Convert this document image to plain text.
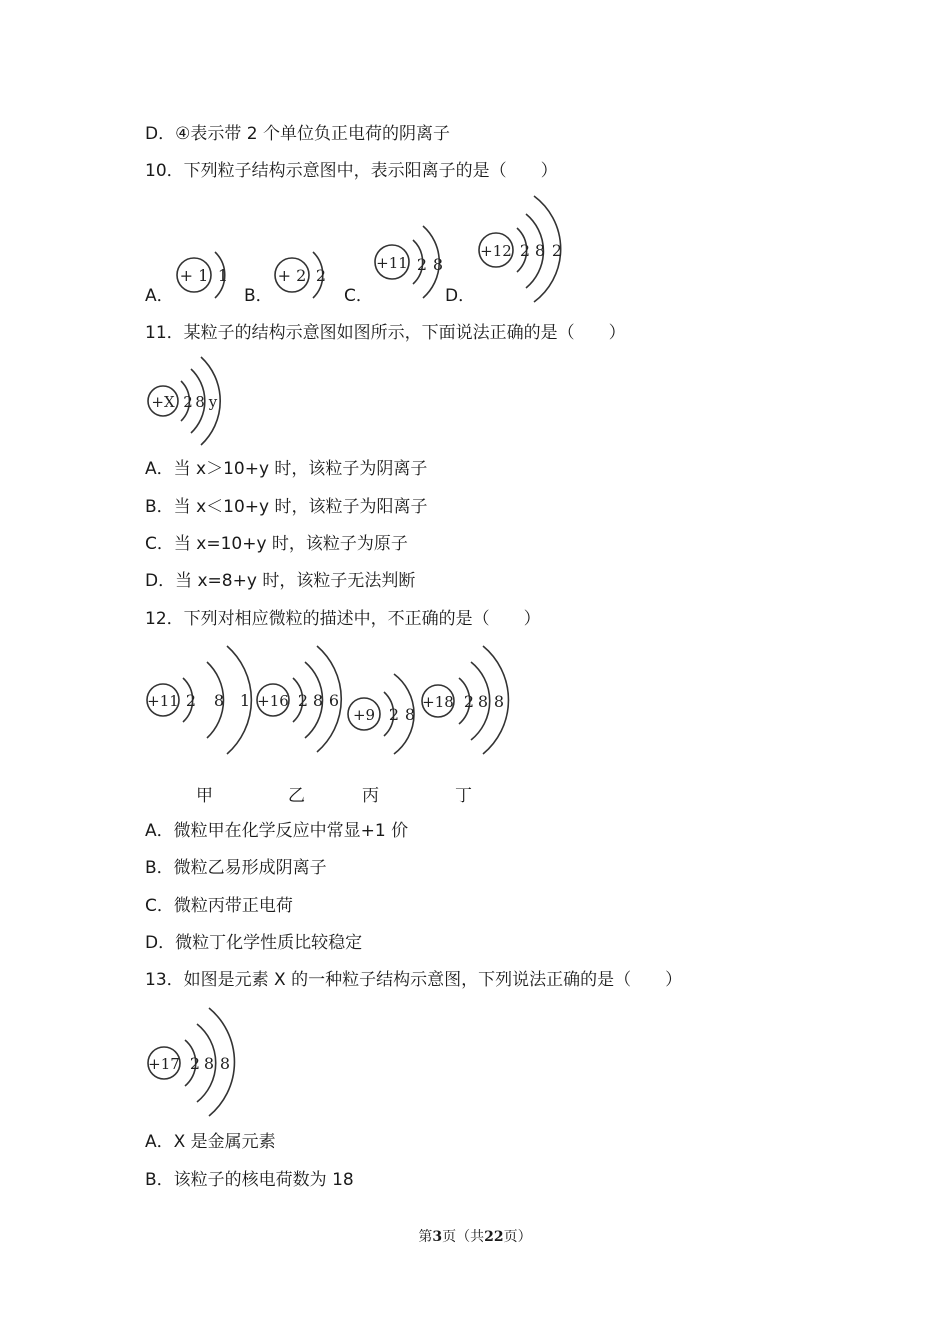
D．④表示带 2 个单位负正电荷的阴离子
10．下列粒子结构示意图中，表示阳离子的是（　　）
A．
+ 1 1
B．
+ 2 2
C．
+11 2 8
D．
+12 2 8 2
11．某粒子的结构示意图如图所示，下面说法正确的是（　　）
+X 2 8 y
A．当 x＞10+y 时，该粒子为阴离子
B．当 x＜10+y 时，该粒子为阳离子
C．当 x=10+y 时，该粒子为原子
D．当 x=8+y 时，该粒子无法判断
12．下列对相应微粒的描述中，不正确的是（　　）
+11 2 8 1 +16 2 8 6
+9 2 8
+18 2 8 8
甲	乙	丙	丁
A．微粒甲在化学反应中常显+1 价
B．微粒乙易形成阴离子
C．微粒丙带正电荷
D．微粒丁化学性质比较稳定
13．如图是元素 X 的一种粒子结构示意图，下列说法正确的是（　　）
+17 2 8 8
A．X 是金属元素
B．该粒子的核电荷数为 18
第3页（共22页）
